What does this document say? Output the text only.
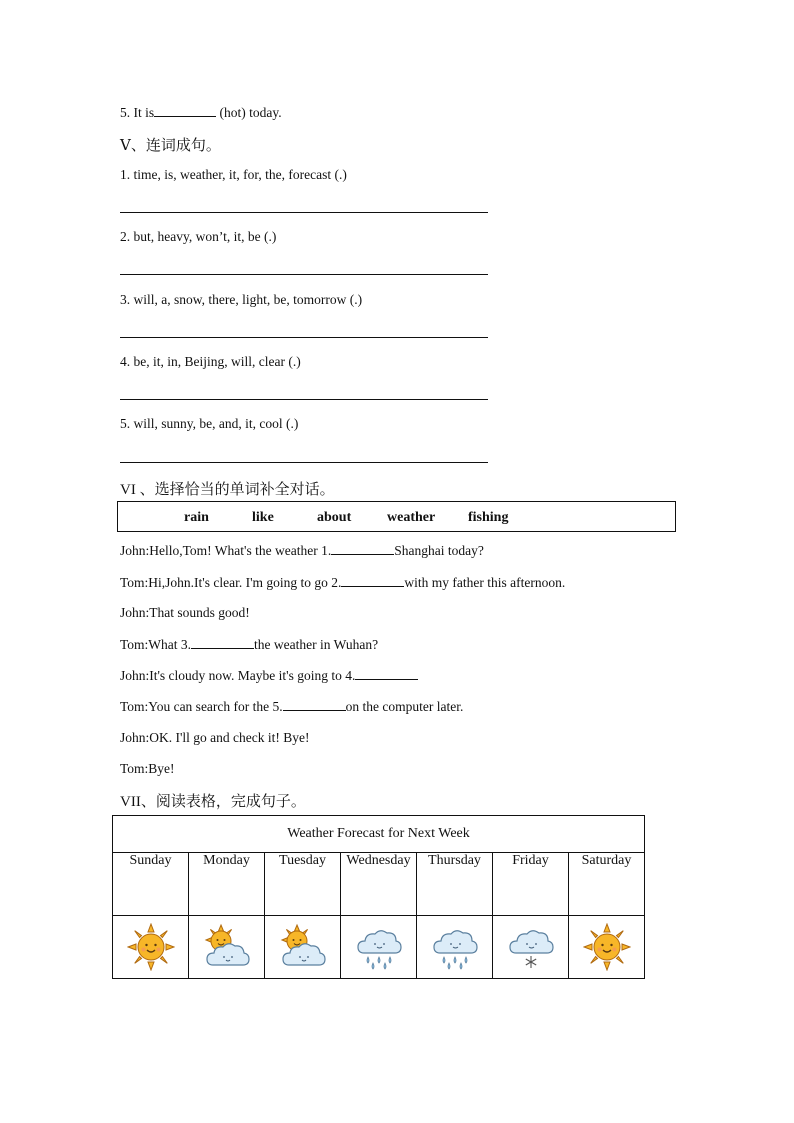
5. It is	(hot) today.
Ⅴ、连词成句。
1. time, is, weather, it, for, the, forecast (.)
2. but, heavy, won’t, it, be (.)
3. will, a, snow, there, light, be, tomorrow (.)
4. be, it, in, Beijing, will, clear (.)
5. will, sunny, be, and, it, cool (.)
VI 、选择恰当的单词补全对话。
rain	like	about	weather fishing
John:Hello,Tom! What's the weather 1.	Shanghai today?
Tom:Hi,John.It's clear. I'm going to go 2.	with my father this afternoon.
John:That sounds good!
Tom:What 3.	the weather in Wuhan?
John:It's cloudy now. Maybe it's going to 4.
Tom:You can search for the 5.	on the computer later.
John:OK. I'll go and check it! Bye!
Tom:Bye!
VII、阅读表格，完成句子。
Weather Forecast for Next Week						
Sunday	Monday	Tuesday	Wednesday	Thursday	Friday	Saturday
